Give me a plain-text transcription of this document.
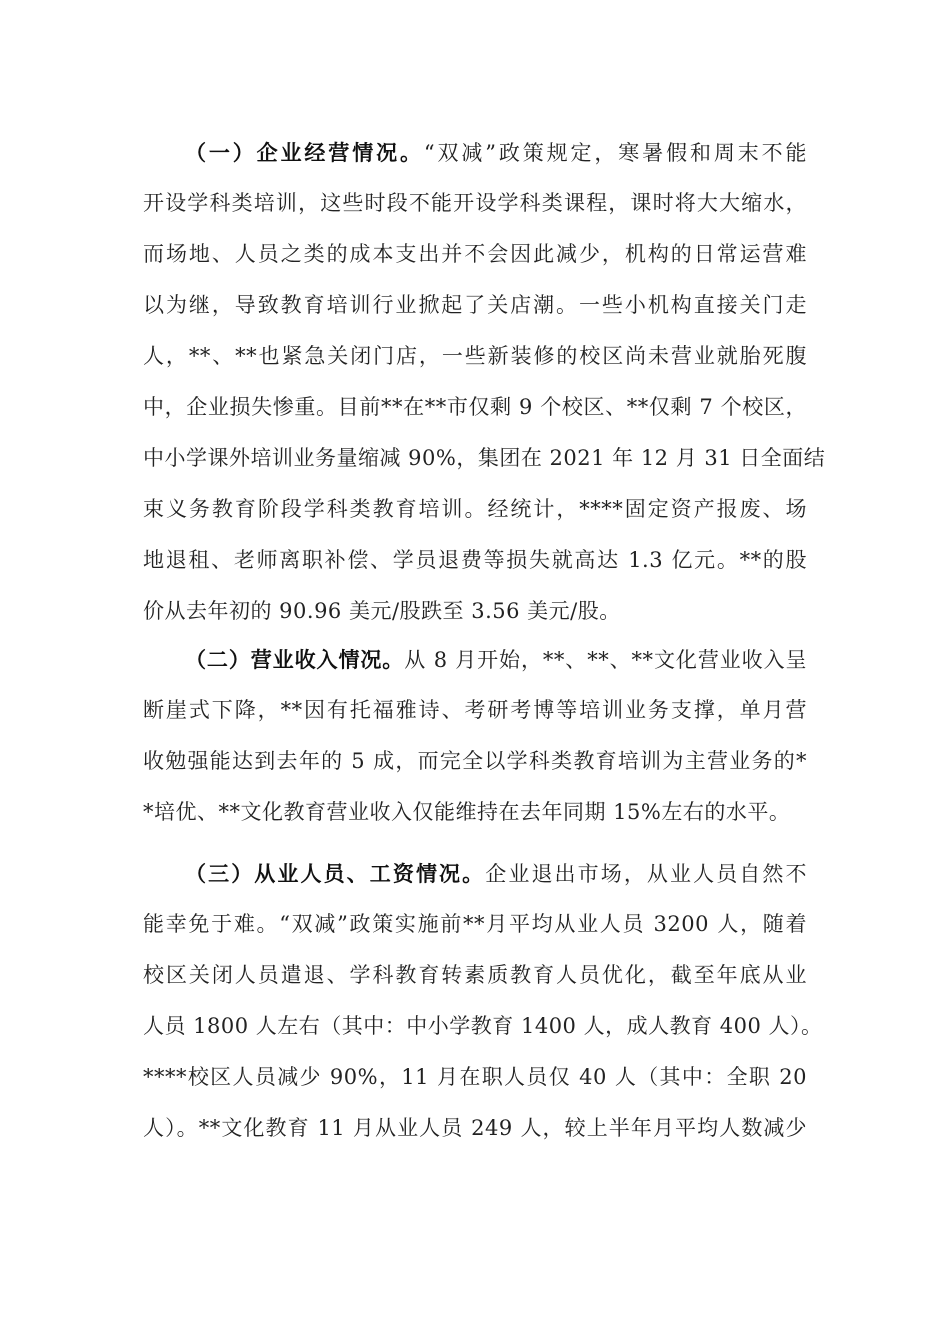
（一）企业经营情况。“双减”政策规定，寒暑假和周末不能
开设学科类培训，这些时段不能开设学科类课程，课时将大大缩水，
而场地、人员之类的成本支出并不会因此减少，机构的日常运营难
以为继，导致教育培训行业掀起了关店潮。一些小机构直接关门走
人，**、**也紧急关闭门店，一些新装修的校区尚未营业就胎死腹
中，企业损失惨重。目前**在**市仅剩 9 个校区、**仅剩 7 个校区，
中小学课外培训业务量缩减 90%，集团在 2021 年 12 月 31 日全面结
束义务教育阶段学科类教育培训。经统计，****固定资产报废、场
地退租、老师离职补偿、学员退费等损失就高达 1.3 亿元。**的股
价从去年初的 90.96 美元/股跌至 3.56 美元/股。
（二）营业收入情况。从 8 月开始，**、**、**文化营业收入呈
断崖式下降，**因有托福雅诗、考研考博等培训业务支撑，单月营
收勉强能达到去年的 5 成，而完全以学科类教育培训为主营业务的*
*培优、**文化教育营业收入仅能维持在去年同期 15%左右的水平。
（三）从业人员、工资情况。企业退出市场，从业人员自然不
能幸免于难。“双减”政策实施前**月平均从业人员 3200 人，随着
校区关闭人员遣退、学科教育转素质教育人员优化，截至年底从业
人员 1800 人左右（其中：中小学教育 1400 人，成人教育 400 人）。
****校区人员减少 90%，11 月在职人员仅 40 人（其中：全职 20
人）。**文化教育 11 月从业人员 249 人，较上半年月平均人数减少
